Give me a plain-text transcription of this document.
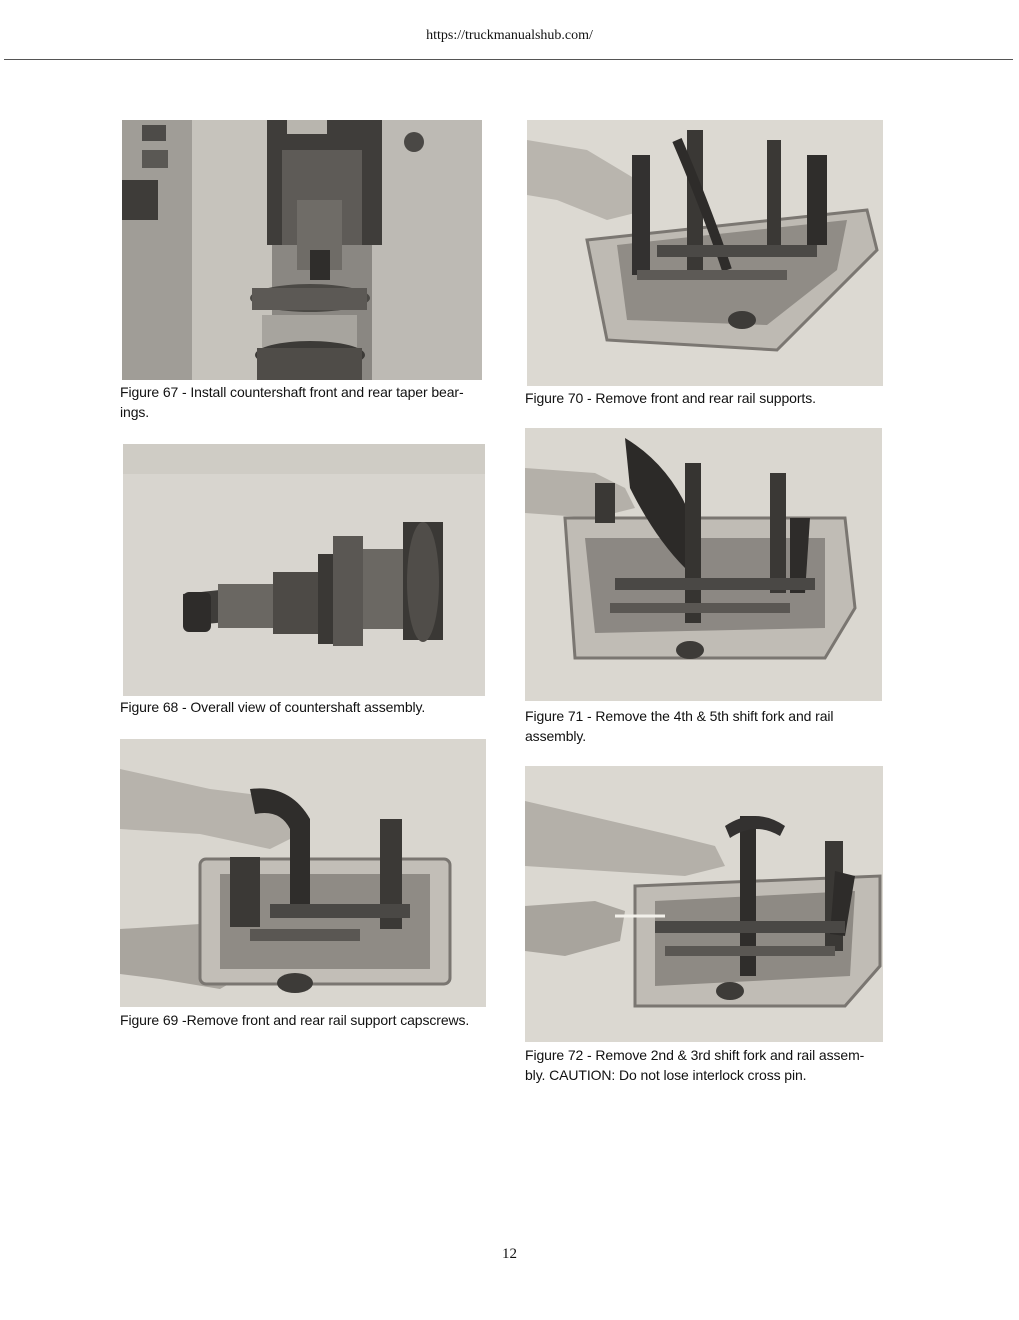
https://truckmanualshub.com/
Figure 67 - Install countershaft front and rear taper bear-
ings.
Figure 68 - Overall view of countershaft assembly.
Figure 69 -Remove front and rear rail support capscrews.
Figure 70 - Remove front and rear rail supports.
Figure 71 - Remove the 4th & 5th shift fork and rail
assembly.
Figure 72 - Remove 2nd & 3rd shift fork and rail assem-
bly. CAUTION: Do not lose interlock cross pin.
12
